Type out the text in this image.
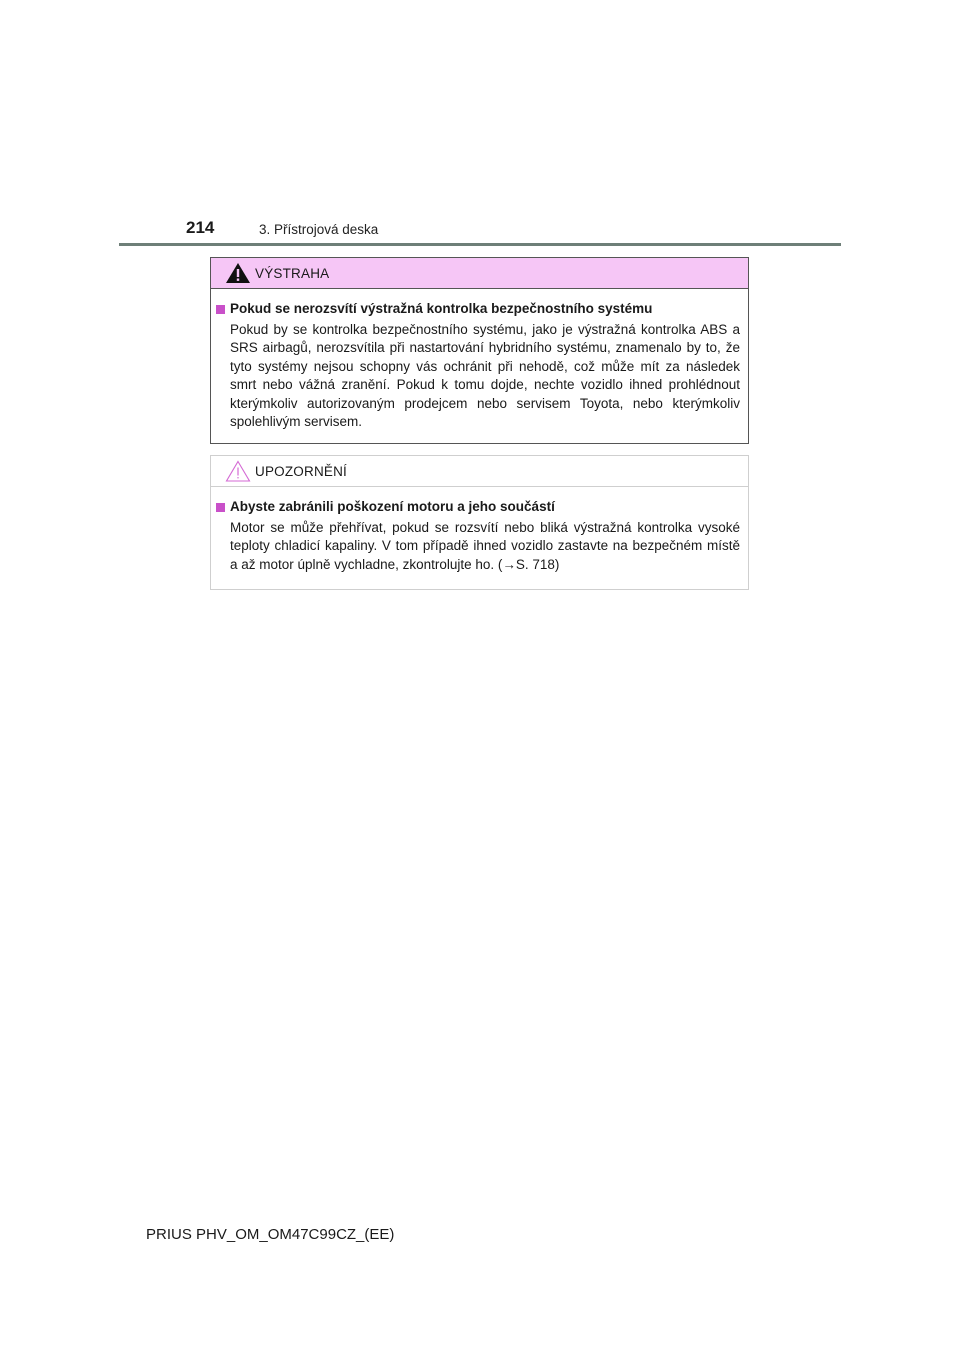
214	3. Přístrojová deska
VÝSTRAHA
Pokud se nerozsvítí výstražná kontrolka bezpečnostního systému
Pokud by se kontrolka bezpečnostního systému, jako je výstražná kontrolka ABS a SRS airbagů, nerozsvítila při nastartování hybridního systému, znamenalo by to, že tyto systémy nejsou schopny vás ochránit při nehodě, což může mít za následek smrt nebo vážná zranění. Pokud k tomu dojde, nechte vozidlo ihned prohlédnout kterýmkoliv autorizovaným prodejcem nebo servisem Toyota, nebo kterýmkoliv spolehlivým servisem.
UPOZORNĚNÍ
Abyste zabránili poškození motoru a jeho součástí
Motor se může přehřívat, pokud se rozsvítí nebo bliká výstražná kontrolka vysoké teploty chladicí kapaliny. V tom případě ihned vozidlo zastavte na bezpečném místě a až motor úplně vychladne, zkontrolujte ho. (→S. 718)
PRIUS PHV_OM_OM47C99CZ_(EE)
